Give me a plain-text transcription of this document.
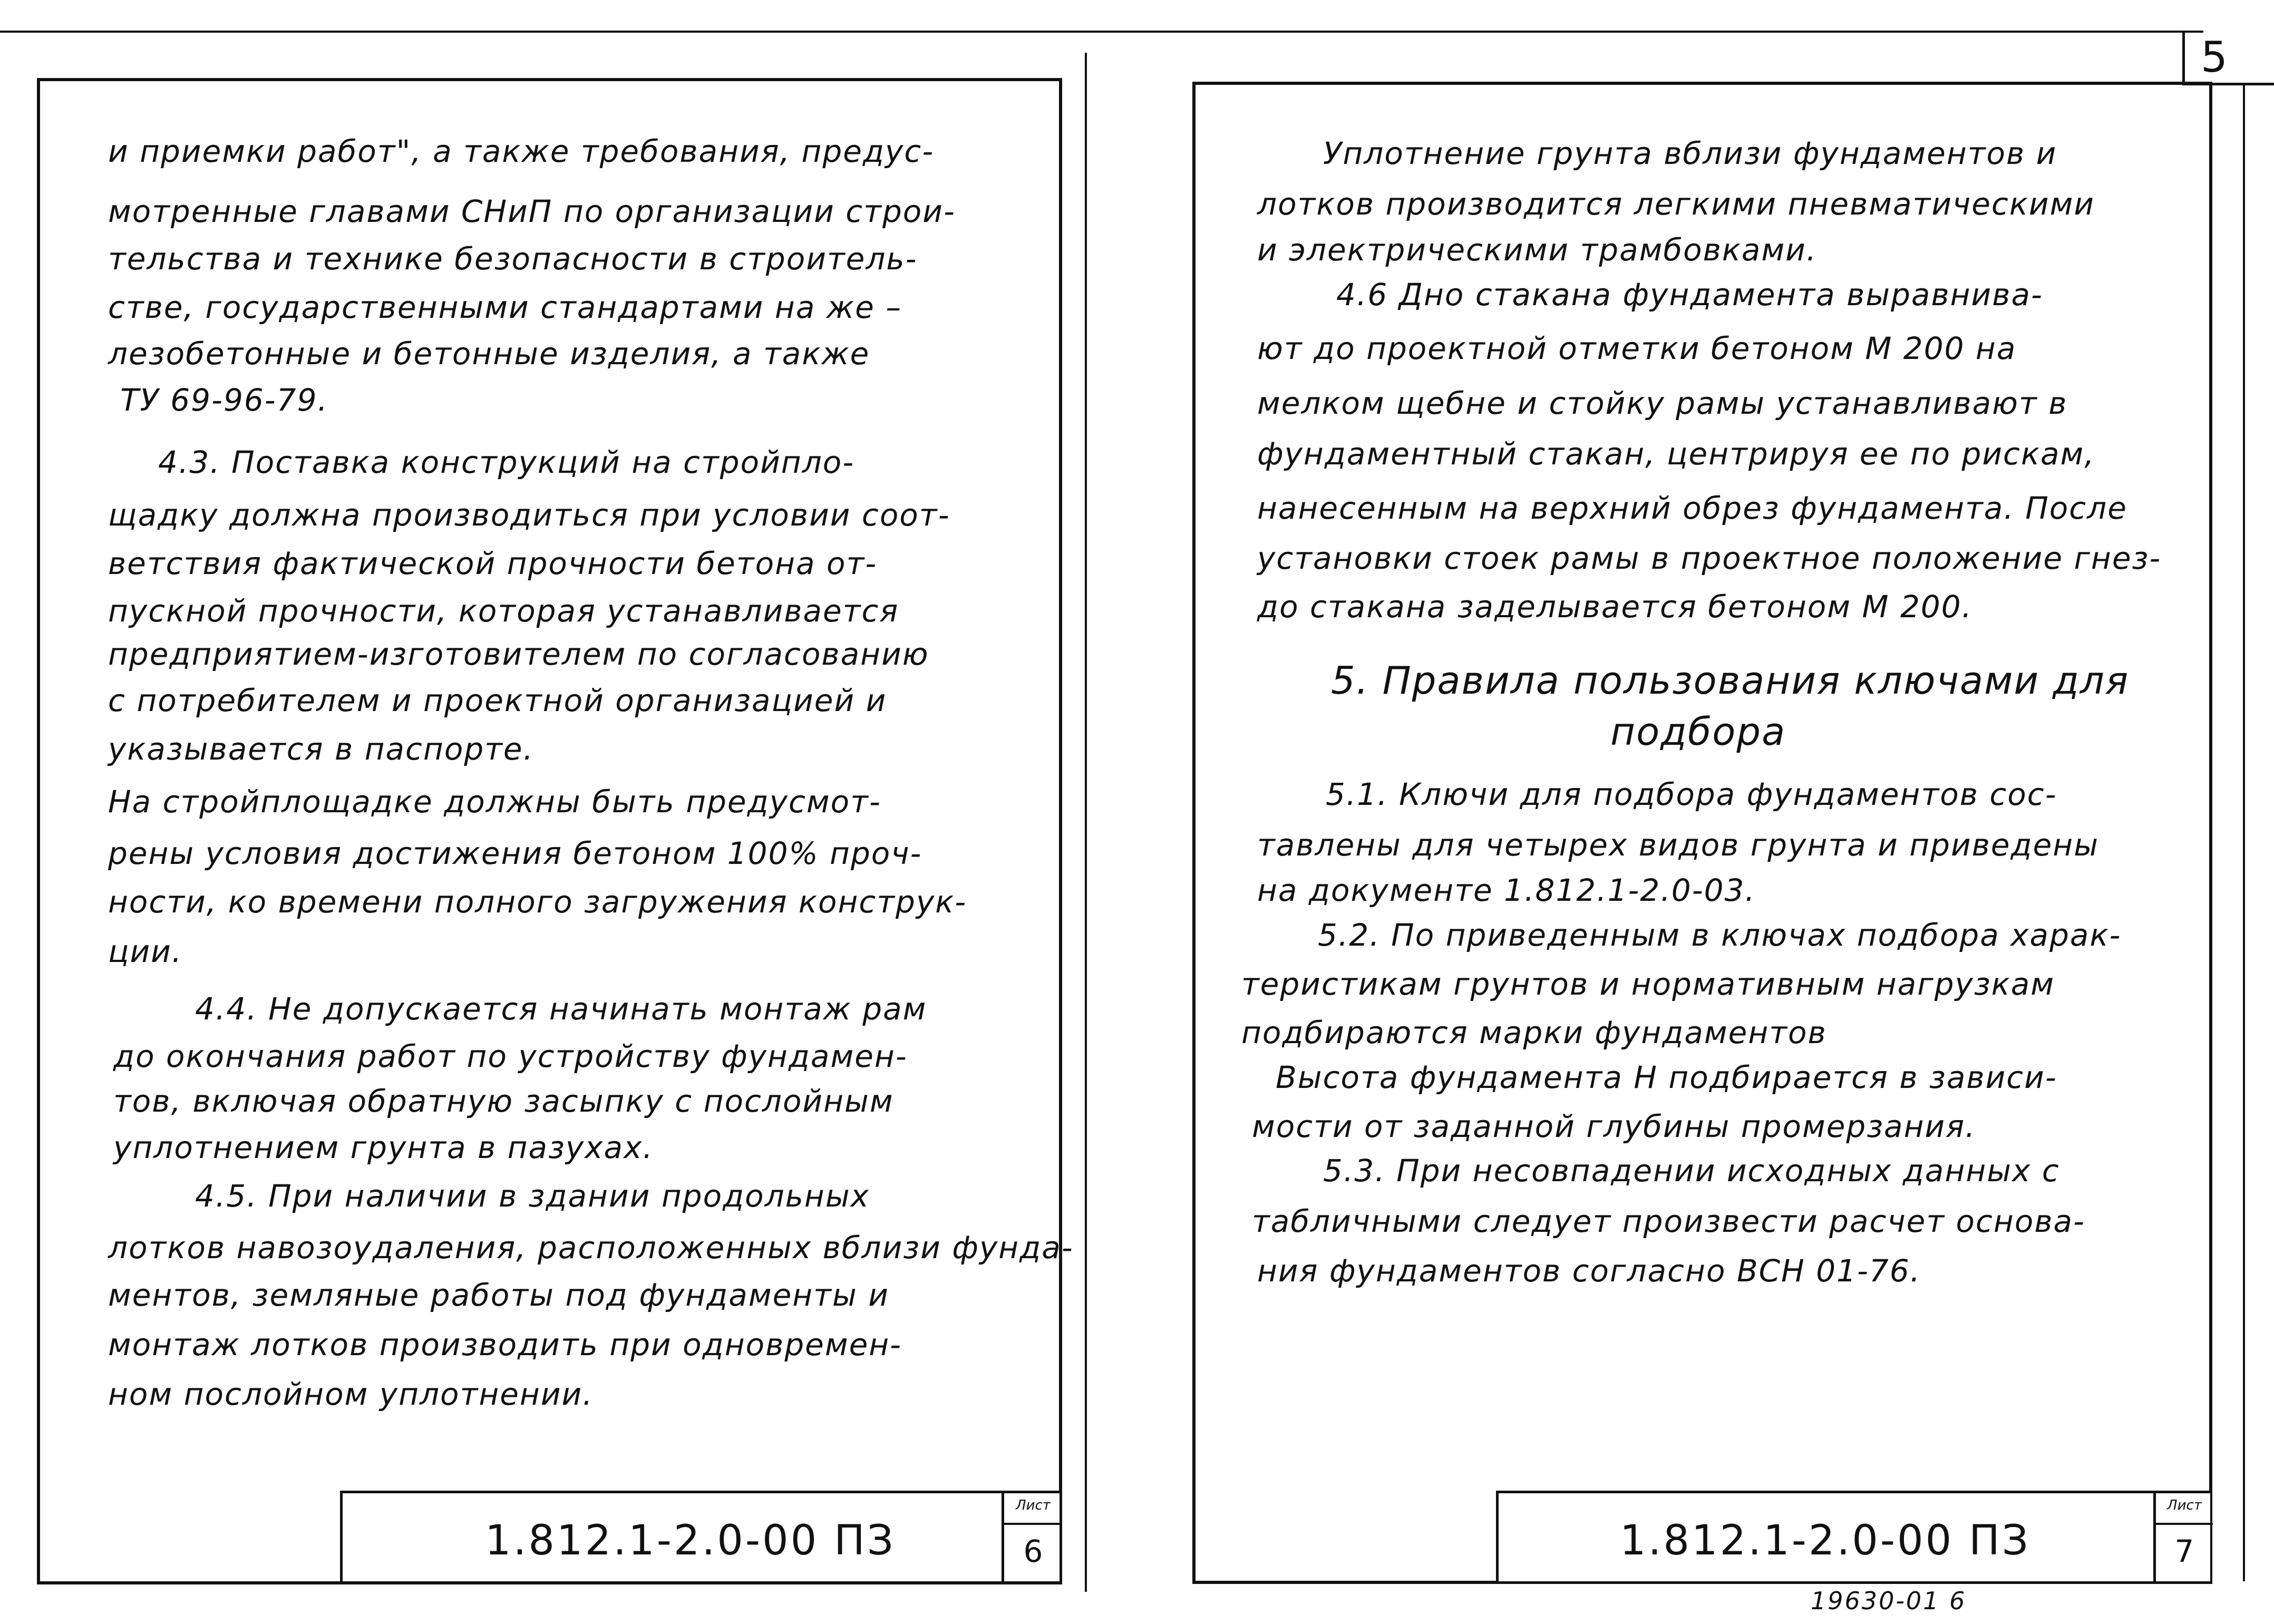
5
и приемки работ", а также требования, предус-
мотренные главами СНиП по организации строи-
тельства и технике безопасности в строитель-
стве, государственными стандартами на же –
лезобетонные и бетонные изделия, а также
ТУ 69-96-79.
4.3. Поставка конструкций на стройпло-
щадку должна производиться при условии соот-
ветствия фактической прочности бетона от-
пускной прочности, которая устанавливается
предприятием-изготовителем по согласованию
с потребителем и проектной организацией и
указывается в паспорте.
На стройплощадке должны быть предусмот-
рены условия достижения бетоном 100% проч-
ности, ко времени полного загружения конструк-
ции.
4.4. Не допускается начинать монтаж рам
до окончания работ по устройству фундамен-
тов, включая обратную засыпку с послойным
уплотнением грунта в пазухах.
4.5. При наличии в здании продольных
лотков навозоудаления, расположенных вблизи фунда-
ментов, земляные работы под фундаменты и
монтаж лотков производить при одновремен-
ном послойном уплотнении.
1.812.1-2.0-00 ПЗ
Лист
6
Уплотнение грунта вблизи фундаментов и
лотков производится легкими пневматическими
и электрическими трамбовками.
4.6 Дно стакана фундамента выравнива-
ют до проектной отметки бетоном М 200 на
мелком щебне и стойку рамы устанавливают в
фундаментный стакан, центрируя ее по рискам,
нанесенным на верхний обрез фундамента. После
установки стоек рамы в проектное положение гнез-
до стакана заделывается бетоном М 200.
5. Правила пользования ключами для
подбора
5.1. Ключи для подбора фундаментов сос-
тавлены для четырех видов грунта и приведены
на документе 1.812.1-2.0-03.
5.2. По приведенным в ключах подбора харак-
теристикам грунтов и нормативным нагрузкам
подбираются марки фундаментов
Высота фундамента Н подбирается в зависи-
мости от заданной глубины промерзания.
5.3. При несовпадении исходных данных с
табличными следует произвести расчет основа-
ния фундаментов согласно ВСН 01-76.
1.812.1-2.0-00 ПЗ
Лист
7
19630-01 6
